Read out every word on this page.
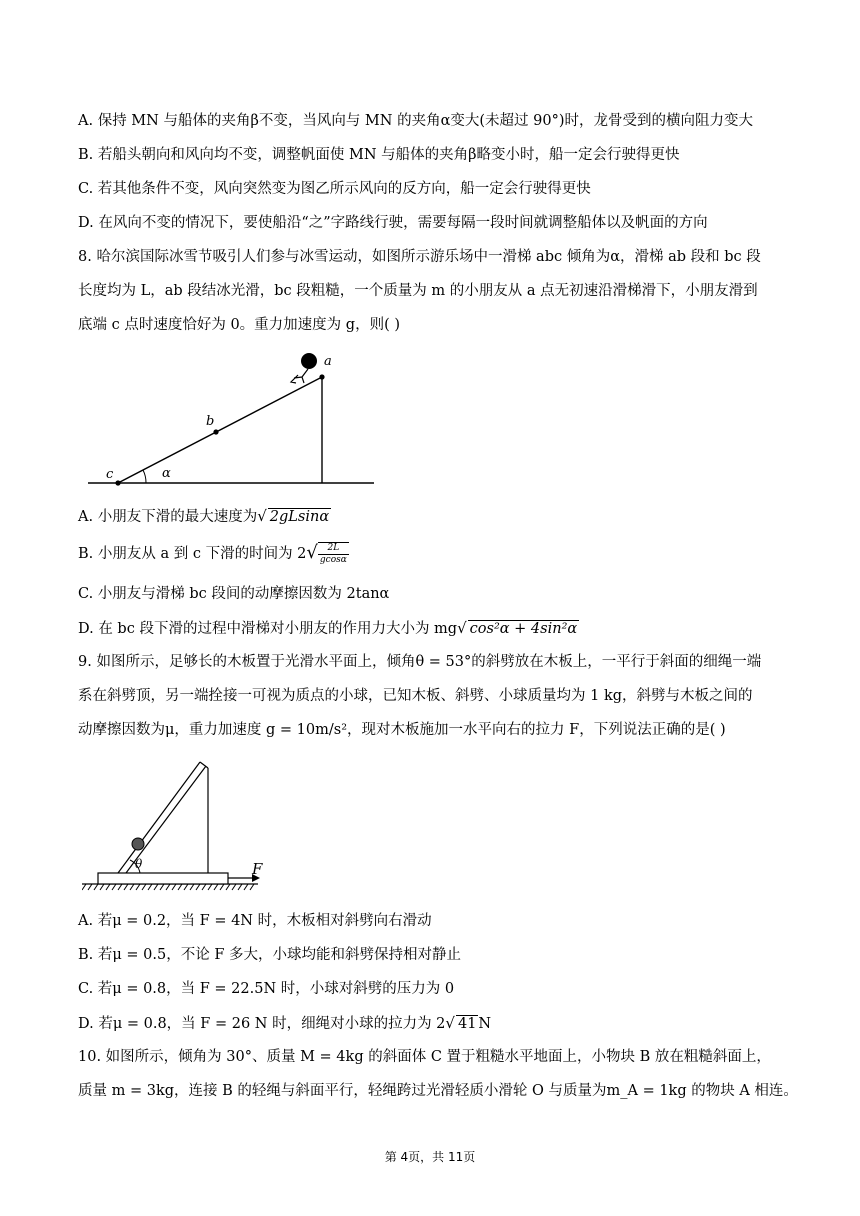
A. 保持 MN 与船体的夹角β不变，当风向与 MN 的夹角α变大(未超过 90°)时，龙骨受到的横向阻力变大
B. 若船头朝向和风向均不变，调整帆面使 MN 与船体的夹角β略变小时，船一定会行驶得更快
C. 若其他条件不变，风向突然变为图乙所示风向的反方向，船一定会行驶得更快
D. 在风向不变的情况下，要使船沿“之”字路线行驶，需要每隔一段时间就调整船体以及帆面的方向
8. 哈尔滨国际冰雪节吸引人们参与冰雪运动，如图所示游乐场中一滑梯 abc 倾角为α，滑梯 ab 段和 bc 段
长度均为 L，ab 段结冰光滑，bc 段粗糙，一个质量为 m 的小朋友从 a 点无初速沿滑梯滑下，小朋友滑到
底端 c 点时速度恰好为 0。重力加速度为 g，则( )
c
b
a
α
A. 小朋友下滑的最大速度为√ 2gLsinα
B. 小朋友从 a 到 c 下滑的时间为 $2√ \frac{2L}{gcos\alpha}$
C. 小朋友与滑梯 bc 段间的动摩擦因数为 2tanα
D. 在 bc 段下滑的过程中滑梯对小朋友的作用力大小为 mg√ cos²α + 4sin²α
9. 如图所示，足够长的木板置于光滑水平面上，倾角θ = 53°的斜劈放在木板上，一平行于斜面的细绳一端
系在斜劈顶，另一端拴接一可视为质点的小球，已知木板、斜劈、小球质量均为 1 kg，斜劈与木板之间的
动摩擦因数为μ，重力加速度 g = 10m/s²，现对木板施加一水平向右的拉力 F，下列说法正确的是( )
θ	F
A. 若μ = 0.2，当 F = 4N 时，木板相对斜劈向右滑动
B. 若μ = 0.5，不论 F 多大，小球均能和斜劈保持相对静止
C. 若μ = 0.8，当 F = 22.5N 时，小球对斜劈的压力为 0
D. 若μ = 0.8，当 F = 26 N 时，细绳对小球的拉力为 2√ 41 N
10. 如图所示，倾角为 30°、质量 M = 4kg 的斜面体 C 置于粗糙水平地面上，小物块 B 放在粗糙斜面上，
质量 m = 3kg，连接 B 的轻绳与斜面平行，轻绳跨过光滑轻质小滑轮 O 与质量为m_A = 1kg 的物块 A 相连。
第 4页，共 11页
